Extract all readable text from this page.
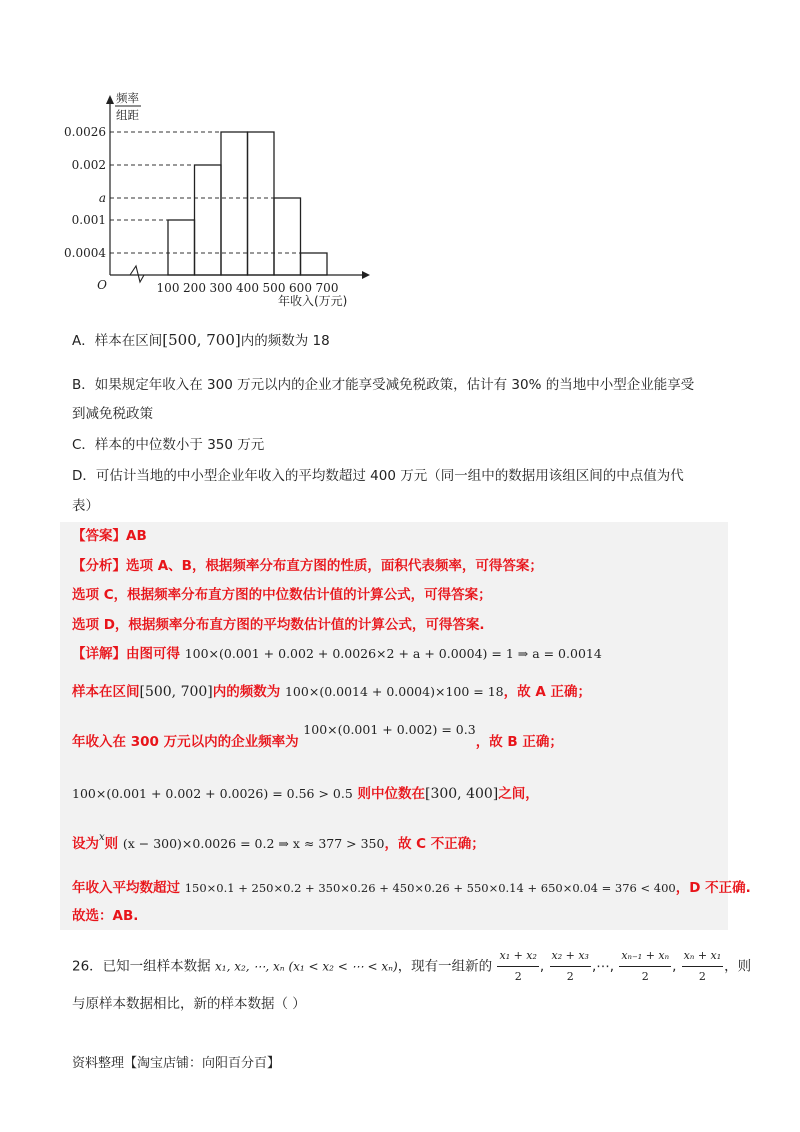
0.0026
0.002
a
0.001
0.0004
100 200 300 400 500 600 700
O
频率
组距
年收入(万元)
A．样本在区间[500, 700]内的频数为 18
B．如果规定年收入在 300 万元以内的企业才能享受减免税政策，估计有 30% 的当地中小型企业能享受
到减免税政策
C．样本的中位数小于 350 万元
D．可估计当地的中小型企业年收入的平均数超过 400 万元（同一组中的数据用该组区间的中点值为代
表）
【答案】AB
【分析】选项 A、B，根据频率分布直方图的性质，面积代表频率，可得答案；
选项 C，根据频率分布直方图的中位数估计值的计算公式，可得答案；
选项 D，根据频率分布直方图的平均数估计值的计算公式，可得答案.
【详解】由图可得 100×(0.001 + 0.002 + 0.0026×2 + a + 0.0004) = 1 ⇒ a = 0.0014
样本在区间[500, 700]内的频数为 100×(0.0014 + 0.0004)×100 = 18，故 A 正确；
年收入在 300 万元以内的企业频率为 100×(0.001 + 0.002) = 0.3，故 B 正确；
100×(0.001 + 0.002 + 0.0026) = 0.56 > 0.5 则中位数在[300, 400]之间，
设为$^x$则 (x − 300)×0.0026 = 0.2 ⇒ x ≈ 377 > 350，故 C 不正确；
年收入平均数超过 150×0.1 + 250×0.2 + 350×0.26 + 450×0.26 + 550×0.14 + 650×0.04 = 376 < 400，D 不正确.
故选：AB.
26．已知一组样本数据 x₁, x₂, ⋯, xₙ (x₁ < x₂ < ⋯ < xₙ)，现有一组新的 $\frac{\text{x₁ + x₂}}{2}$ , $\frac{\text{x₂ + x₃}}{2}$ ,⋯, $\frac{\text{xₙ₋₁ + xₙ}}{2}$ , $\frac{\text{xₙ + x₁}}{2}$ ，则
与原样本数据相比，新的样本数据（ ）
资料整理【淘宝店铺：向阳百分百】
